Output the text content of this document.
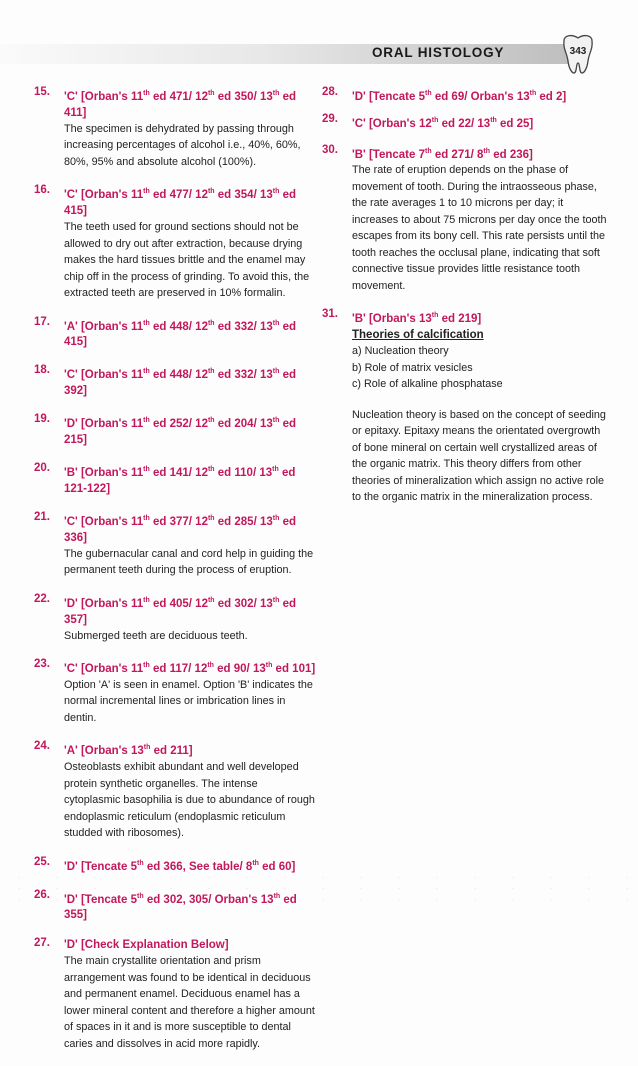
ORAL HISTOLOGY	343
15. 'C' [Orban's 11th ed 471/ 12th ed 350/ 13th ed 411]
The specimen is dehydrated by passing through increasing percentages of alcohol i.e., 40%, 60%, 80%, 95% and absolute alcohol (100%).
16. 'C' [Orban's 11th ed 477/ 12th ed 354/ 13th ed 415]
The teeth used for ground sections should not be allowed to dry out after extraction, because drying makes the hard tissues brittle and the enamel may chip off in the process of grinding. To avoid this, the extracted teeth are preserved in 10% formalin.
17. 'A' [Orban's 11th ed 448/ 12th ed 332/ 13th ed 415]
18. 'C' [Orban's 11th ed 448/ 12th ed 332/ 13th ed 392]
19. 'D' [Orban's 11th ed 252/ 12th ed 204/ 13th ed 215]
20. 'B' [Orban's 11th ed 141/ 12th ed 110/ 13th ed 121-122]
21. 'C' [Orban's 11th ed 377/ 12th ed 285/ 13th ed 336]
The gubernacular canal and cord help in guiding the permanent teeth during the process of eruption.
22. 'D' [Orban's 11th ed 405/ 12th ed 302/ 13th ed 357]
Submerged teeth are deciduous teeth.
23. 'C' [Orban's 11th ed 117/ 12th ed 90/ 13th ed 101]
Option 'A' is seen in enamel. Option 'B' indicates the normal incremental lines or imbrication lines in dentin.
24. 'A' [Orban's 13th ed 211]
Osteoblasts exhibit abundant and well developed protein synthetic organelles. The intense cytoplasmic basophilia is due to abundance of rough endoplasmic reticulum (endoplasmic reticulum studded with ribosomes).
25. 'D' [Tencate 5th ed 366, See table/ 8th ed 60]
26. 'D' [Tencate 5th ed 302, 305/ Orban's 13th ed 355]
27. 'D' [Check Explanation Below]
The main crystallite orientation and prism arrangement was found to be identical in deciduous and permanent enamel. Deciduous enamel has a lower mineral content and therefore a higher amount of spaces in it and is more susceptible to dental caries and dissolves in acid more rapidly.
28. 'D' [Tencate 5th ed 69/ Orban's 13th ed 2]
29. 'C' [Orban's 12th ed 22/ 13th ed 25]
30. 'B' [Tencate 7th ed 271/ 8th ed 236]
The rate of eruption depends on the phase of movement of tooth. During the intraosseous phase, the rate averages 1 to 10 microns per day; it increases to about 75 microns per day once the tooth escapes from its bony cell. This rate persists until the tooth reaches the occlusal plane, indicating that soft connective tissue provides little resistance tooth movement.
31. 'B' [Orban's 13th ed 219]
Theories of calcification
a) Nucleation theory
b) Role of matrix vesicles
c) Role of alkaline phosphatase
Nucleation theory is based on the concept of seeding or epitaxy. Epitaxy means the orientated overgrowth of bone mineral on certain well crystallized areas of the organic matrix. This theory differs from other theories of mineralization which assign no active role to the organic matrix in the mineralization process.
